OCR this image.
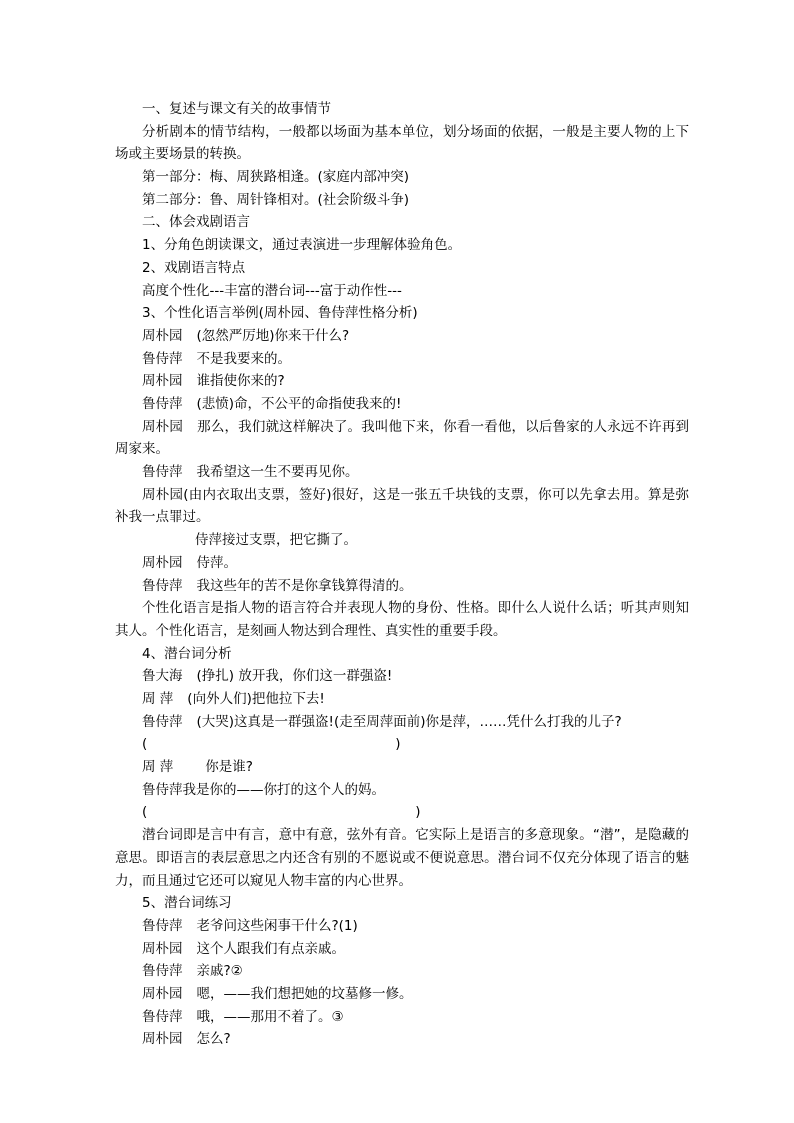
一、复述与课文有关的故事情节
分析剧本的情节结构，一般都以场面为基本单位，划分场面的依据，一般是主要人物的上下场或主要场景的转换。
第一部分：梅、周狭路相逢。(家庭内部冲突)
第二部分：鲁、周针锋相对。(社会阶级斗争)
二、体会戏剧语言
1、分角色朗读课文，通过表演进一步理解体验角色。
2、戏剧语言特点
高度个性化---丰富的潜台词---富于动作性---
3、个性化语言举例(周朴园、鲁侍萍性格分析)
周朴园 (忽然严厉地)你来干什么?
鲁侍萍 不是我要来的。
周朴园 谁指使你来的?
鲁侍萍 (悲愤)命，不公平的命指使我来的!
周朴园 那么，我们就这样解决了。我叫他下来，你看一看他，以后鲁家的人永远不许再到周家来。
鲁侍萍 我希望这一生不要再见你。
周朴园(由内衣取出支票，签好)很好，这是一张五千块钱的支票，你可以先拿去用。算是弥补我一点罪过。
侍萍接过支票，把它撕了。
周朴园 侍萍。
鲁侍萍 我这些年的苦不是你拿钱算得清的。
个性化语言是指人物的语言符合并表现人物的身份、性格。即什么人说什么话；听其声则知其人。个性化语言，是刻画人物达到合理性、真实性的重要手段。
4、潜台词分析
鲁大海 (挣扎) 放开我，你们这一群强盗!
周 萍 (向外人们)把他拉下去!
鲁侍萍 (大哭)这真是一群强盗!(走至周萍面前)你是萍，……凭什么打我的儿子?
(	)
周 萍 你是谁?
鲁侍萍我是你的——你打的这个人的妈。
(	)
潜台词即是言中有言，意中有意，弦外有音。它实际上是语言的多意现象。“潜”，是隐藏的意思。即语言的表层意思之内还含有别的不愿说或不便说意思。潜台词不仅充分体现了语言的魅力，而且通过它还可以窥见人物丰富的内心世界。
5、潜台词练习
鲁侍萍 老爷问这些闲事干什么?(1)
周朴园 这个人跟我们有点亲戚。
鲁侍萍 亲戚?②
周朴园 嗯，——我们想把她的坟墓修一修。
鲁侍萍 哦，——那用不着了。③
周朴园 怎么?
